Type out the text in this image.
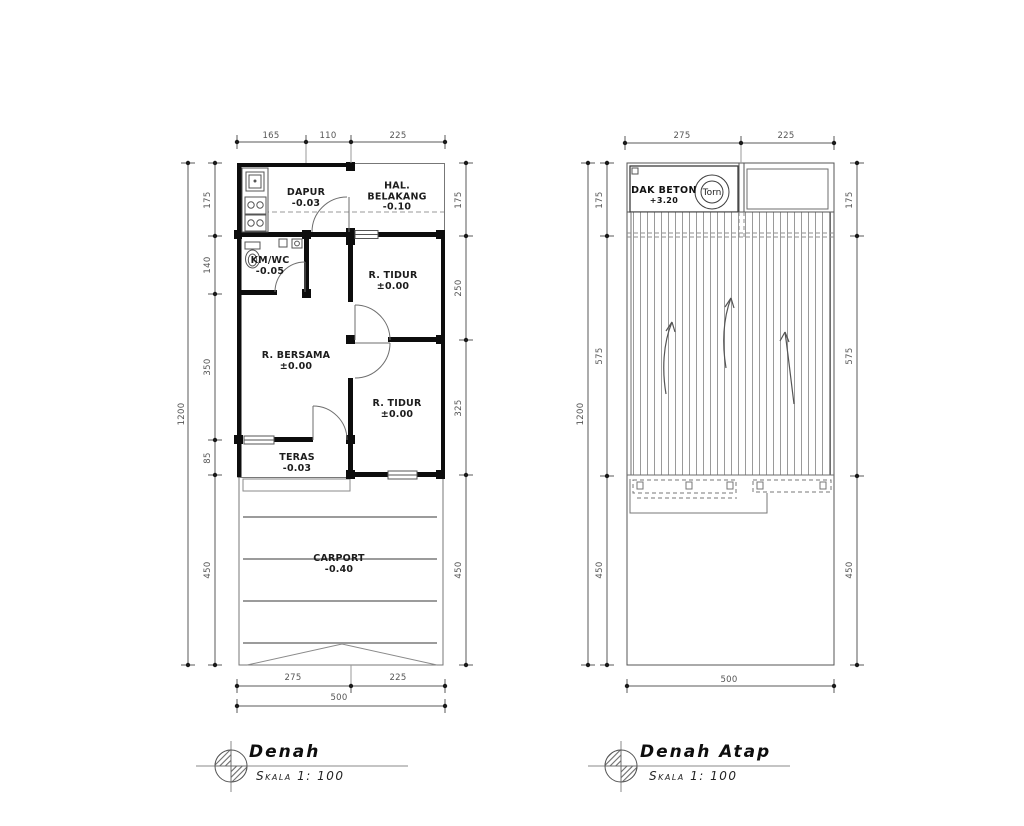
DAPUR
-0.03
HAL.
BELAKANG
-0.10
KM/WC
-0.05	R. TIDUR
±0.00
R. BERSAMA
±0.00
R. TIDUR
±0.00
TERAS
-0.03
CARPORT
-0.40
165	110	225
1200
175
140
350
85
450
175
250
325
450
275	225
500
DAK BETON
+3.20
Torn
275	225
1200
175
575
450
175
575
450
500
Denah
Skala 1: 100
Denah Atap
Skala 1: 100
